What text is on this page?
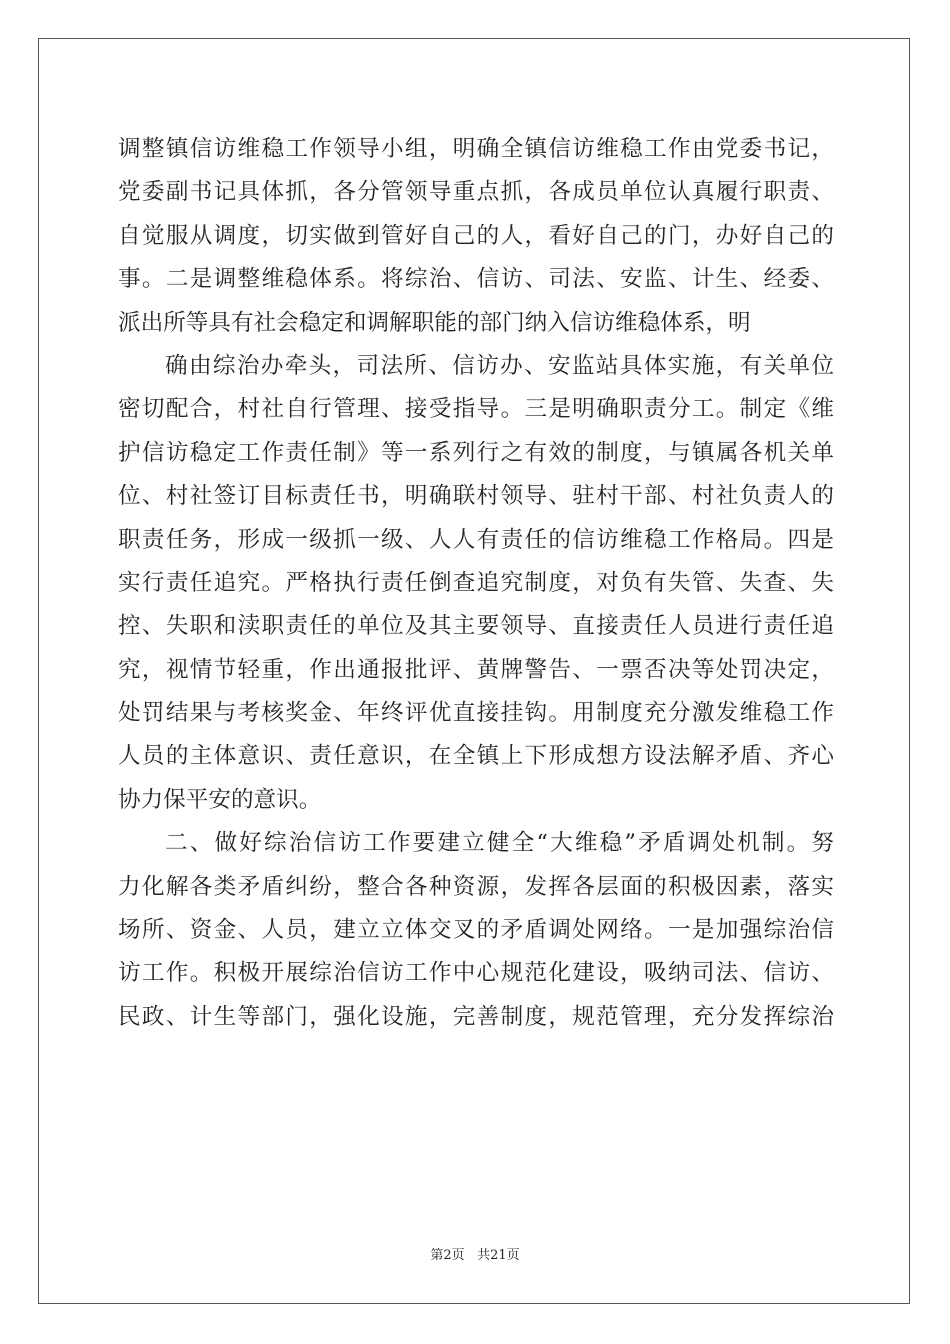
调整镇信访维稳工作领导小组，明确全镇信访维稳工作由党委书记，
党委副书记具体抓，各分管领导重点抓，各成员单位认真履行职责、
自觉服从调度，切实做到管好自己的人，看好自己的门，办好自己的
事。二是调整维稳体系。将综治、信访、司法、安监、计生、经委、
派出所等具有社会稳定和调解职能的部门纳入信访维稳体系，明
确由综治办牵头，司法所、信访办、安监站具体实施，有关单位
密切配合，村社自行管理、接受指导。三是明确职责分工。制定《维
护信访稳定工作责任制》等一系列行之有效的制度，与镇属各机关单
位、村社签订目标责任书，明确联村领导、驻村干部、村社负责人的
职责任务，形成一级抓一级、人人有责任的信访维稳工作格局。四是
实行责任追究。严格执行责任倒查追究制度，对负有失管、失查、失
控、失职和渎职责任的单位及其主要领导、直接责任人员进行责任追
究，视情节轻重，作出通报批评、黄牌警告、一票否决等处罚决定，
处罚结果与考核奖金、年终评优直接挂钩。用制度充分激发维稳工作
人员的主体意识、责任意识，在全镇上下形成想方设法解矛盾、齐心
协力保平安的意识。
二、做好综治信访工作要建立健全“大维稳”矛盾调处机制。努
力化解各类矛盾纠纷，整合各种资源，发挥各层面的积极因素，落实
场所、资金、人员，建立立体交叉的矛盾调处网络。一是加强综治信
访工作。积极开展综治信访工作中心规范化建设，吸纳司法、信访、
民政、计生等部门，强化设施，完善制度，规范管理，充分发挥综治
第2页 共21页
